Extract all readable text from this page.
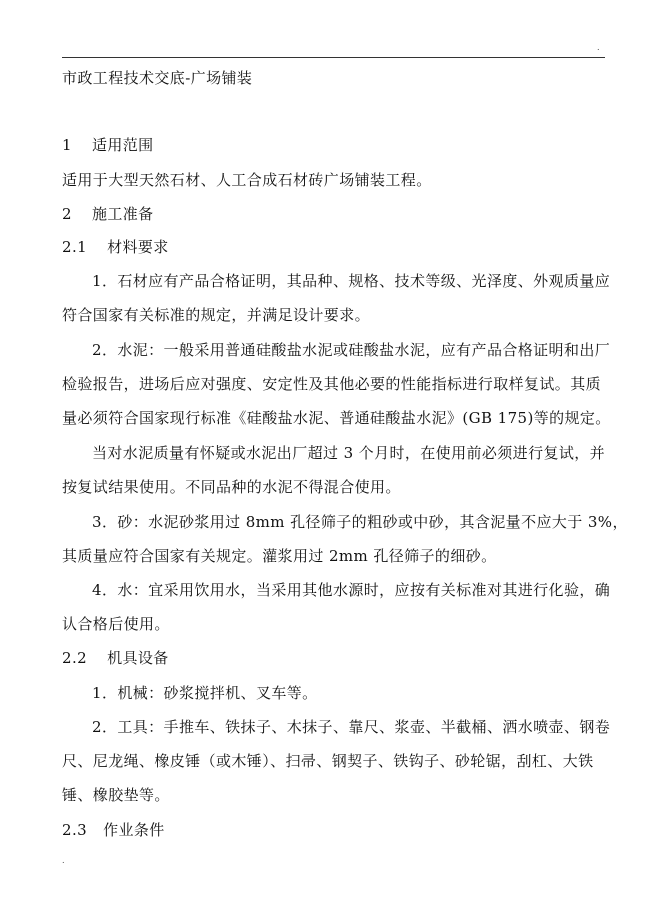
.
市政工程技术交底-广场铺装
1 适用范围
适用于大型天然石材、人工合成石材砖广场铺装工程。
2 施工准备
2.1 材料要求
1．石材应有产品合格证明，其品种、规格、技术等级、光泽度、外观质量应
符合国家有关标准的规定，并满足设计要求。
2．水泥：一般采用普通硅酸盐水泥或硅酸盐水泥，应有产品合格证明和出厂
检验报告，进场后应对强度、安定性及其他必要的性能指标进行取样复试。其质
量必须符合国家现行标准《硅酸盐水泥、普通硅酸盐水泥》(GB 175)等的规定。
当对水泥质量有怀疑或水泥出厂超过 3 个月时，在使用前必须进行复试，并
按复试结果使用。不同品种的水泥不得混合使用。
3．砂：水泥砂浆用过 8mm 孔径筛子的粗砂或中砂，其含泥量不应大于 3%，
其质量应符合国家有关规定。灌浆用过 2mm 孔径筛子的细砂。
4．水：宜采用饮用水，当采用其他水源时，应按有关标准对其进行化验，确
认合格后使用。
2.2 机具设备
1．机械：砂浆搅拌机、叉车等。
2．工具：手推车、铁抹子、木抹子、靠尺、浆壶、半截桶、洒水喷壶、钢卷
尺、尼龙绳、橡皮锤（或木锤）、扫帚、钢契子、铁钩子、砂轮锯，刮杠、大铁
锤、橡胶垫等。
2.3 作业条件
.
